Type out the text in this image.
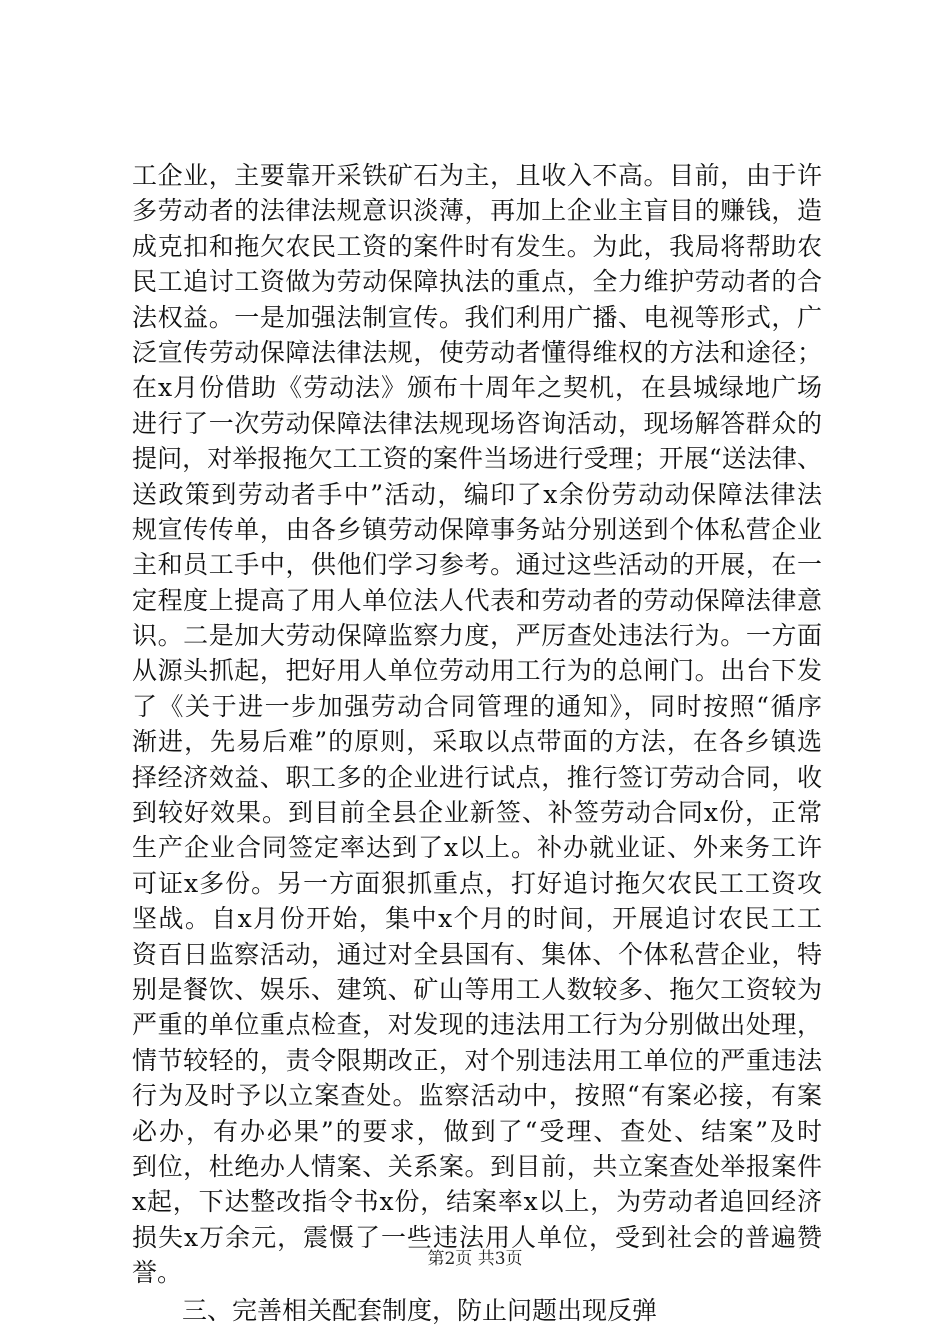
工企业，主要靠开采铁矿石为主，且收入不高。目前，由于许
多劳动者的法律法规意识淡薄，再加上企业主盲目的赚钱，造
成克扣和拖欠农民工资的案件时有发生。为此，我局将帮助农
民工追讨工资做为劳动保障执法的重点，全力维护劳动者的合
法权益。一是加强法制宣传。我们利用广播、电视等形式，广
泛宣传劳动保障法律法规，使劳动者懂得维权的方法和途径；
在x月份借助《劳动法》颁布十周年之契机，在县城绿地广场
进行了一次劳动保障法律法规现场咨询活动，现场解答群众的
提问，对举报拖欠工工资的案件当场进行受理；开展“送法律、
送政策到劳动者手中”活动，编印了x余份劳动动保障法律法
规宣传传单，由各乡镇劳动保障事务站分别送到个体私营企业
主和员工手中，供他们学习参考。通过这些活动的开展，在一
定程度上提高了用人单位法人代表和劳动者的劳动保障法律意
识。二是加大劳动保障监察力度，严厉查处违法行为。一方面
从源头抓起，把好用人单位劳动用工行为的总闸门。出台下发
了《关于进一步加强劳动合同管理的通知》，同时按照“循序
渐进，先易后难”的原则，采取以点带面的方法，在各乡镇选
择经济效益、职工多的企业进行试点，推行签订劳动合同，收
到较好效果。到目前全县企业新签、补签劳动合同x份，正常
生产企业合同签定率达到了x以上。补办就业证、外来务工许
可证x多份。另一方面狠抓重点，打好追讨拖欠农民工工资攻
坚战。自x月份开始，集中x个月的时间，开展追讨农民工工
资百日监察活动，通过对全县国有、集体、个体私营企业，特
别是餐饮、娱乐、建筑、矿山等用工人数较多、拖欠工资较为
严重的单位重点检查，对发现的违法用工行为分别做出处理，
情节较轻的，责令限期改正，对个别违法用工单位的严重违法
行为及时予以立案查处。监察活动中，按照“有案必接，有案
必办，有办必果”的要求，做到了“受理、查处、结案”及时
到位，杜绝办人情案、关系案。到目前，共立案查处举报案件
x起，下达整改指令书x份，结案率x以上，为劳动者追回经济
损失x万余元，震慑了一些违法用人单位，受到社会的普遍赞
誉。
三、完善相关配套制度，防止问题出现反弹
第2页 共3页
